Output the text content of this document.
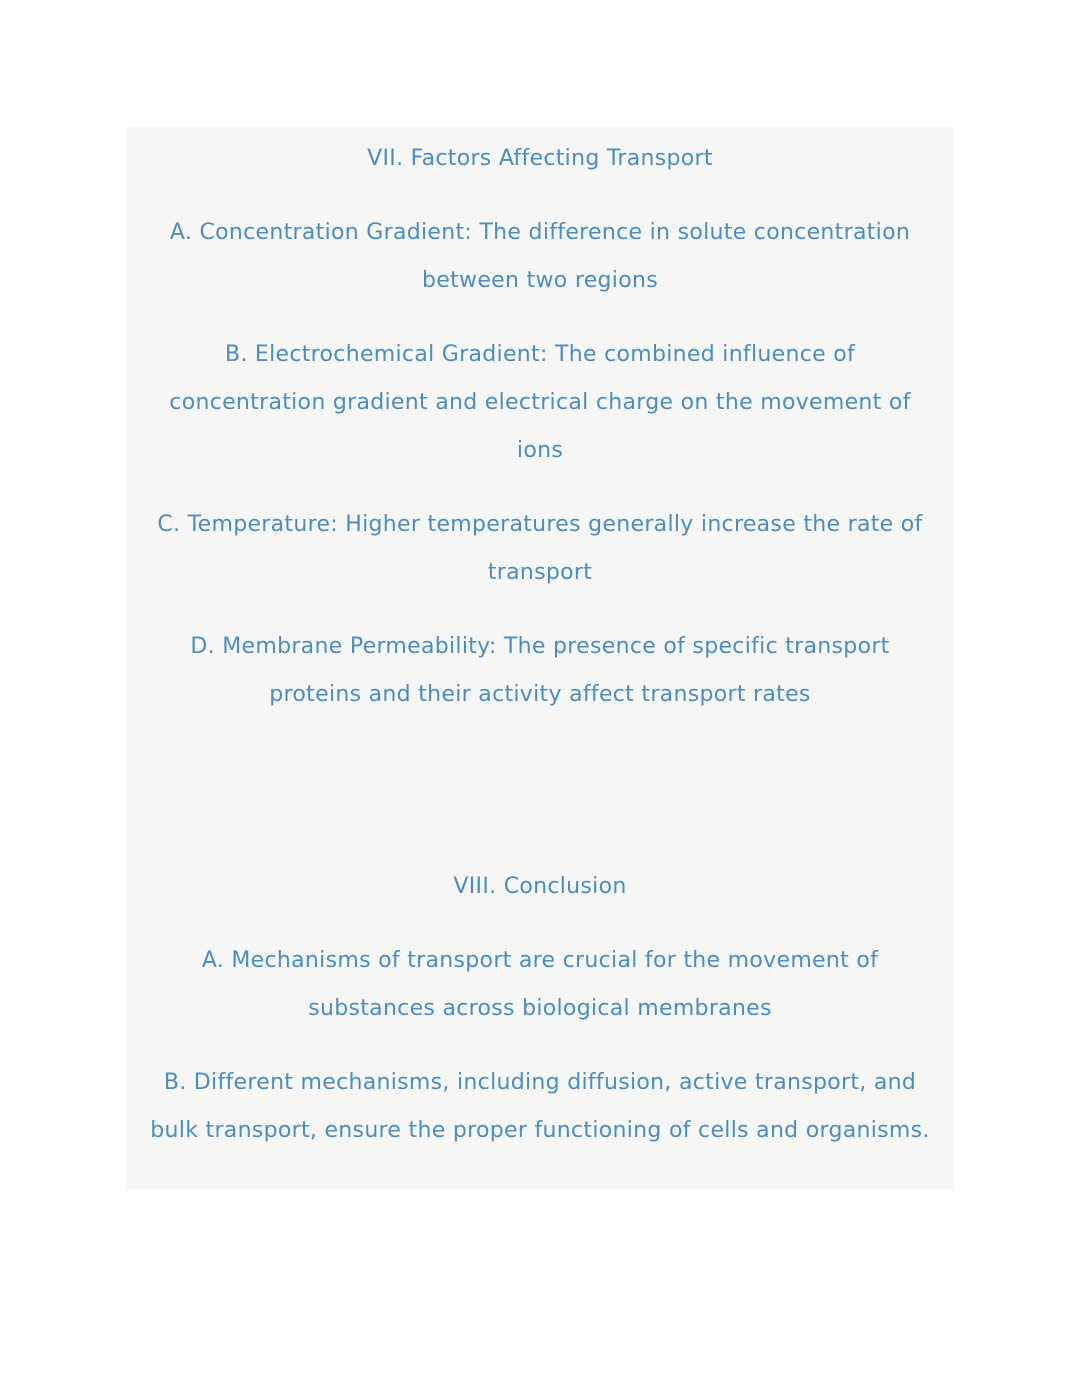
VII. Factors Affecting Transport

A. Concentration Gradient: The difference in solute concentration between two regions

B. Electrochemical Gradient: The combined influence of concentration gradient and electrical charge on the movement of ions

C. Temperature: Higher temperatures generally increase the rate of transport

D. Membrane Permeability: The presence of specific transport proteins and their activity affect transport rates

VIII. Conclusion

A. Mechanisms of transport are crucial for the movement of substances across biological membranes

B. Different mechanisms, including diffusion, active transport, and bulk transport, ensure the proper functioning of cells and organisms.
